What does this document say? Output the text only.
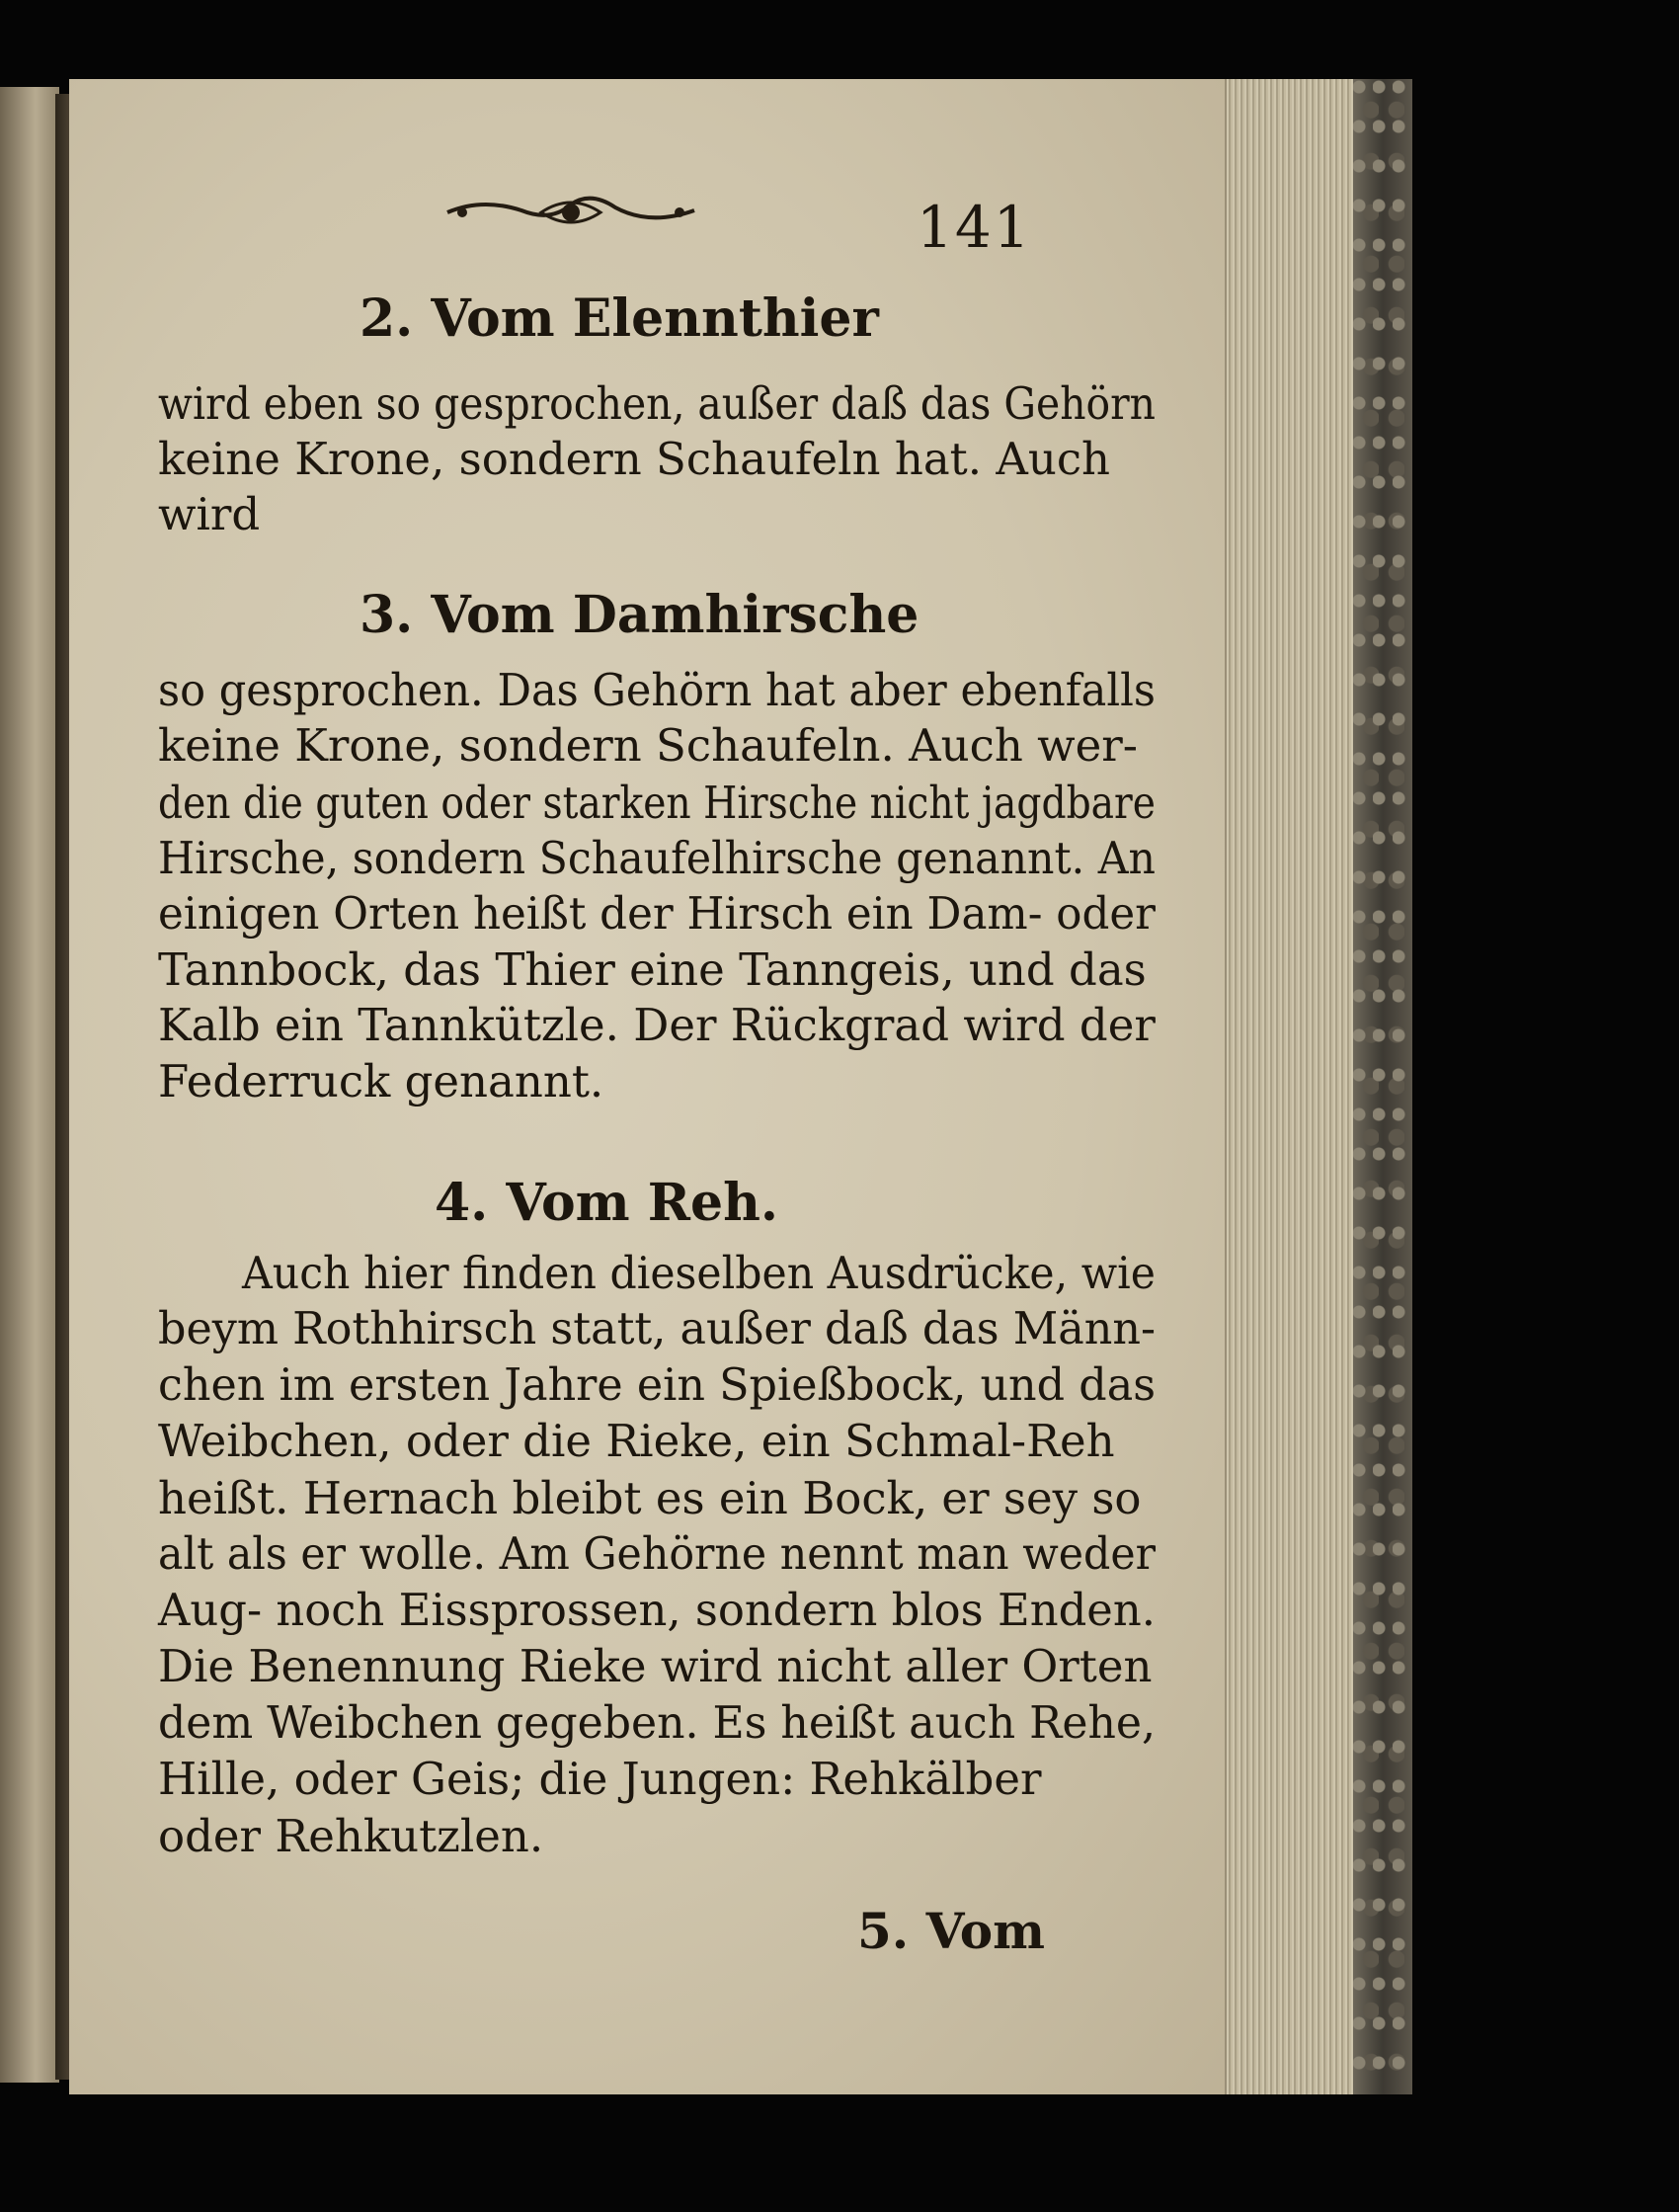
141
2. Vom Elennthier
wird eben so gesprochen, außer daß das Gehörn
keine Krone, sondern Schaufeln hat. Auch
wird
3. Vom Damhirsche
so gesprochen. Das Gehörn hat aber ebenfalls
keine Krone, sondern Schaufeln. Auch wer-
den die guten oder starken Hirsche nicht jagdbare
Hirsche, sondern Schaufelhirsche genannt. An
einigen Orten heißt der Hirsch ein Dam- oder
Tannbock, das Thier eine Tanngeis, und das
Kalb ein Tannkützle. Der Rückgrad wird der
Federruck genannt.
4. Vom Reh.
Auch hier finden dieselben Ausdrücke, wie
beym Rothhirsch statt, außer daß das Männ-
chen im ersten Jahre ein Spießbock, und das
Weibchen, oder die Rieke, ein Schmal-Reh
heißt. Hernach bleibt es ein Bock, er sey so
alt als er wolle. Am Gehörne nennt man weder
Aug- noch Eissprossen, sondern blos Enden.
Die Benennung Rieke wird nicht aller Orten
dem Weibchen gegeben. Es heißt auch Rehe,
Hille, oder Geis; die Jungen: Rehkälber
oder Rehkutzlen.
5. Vom
